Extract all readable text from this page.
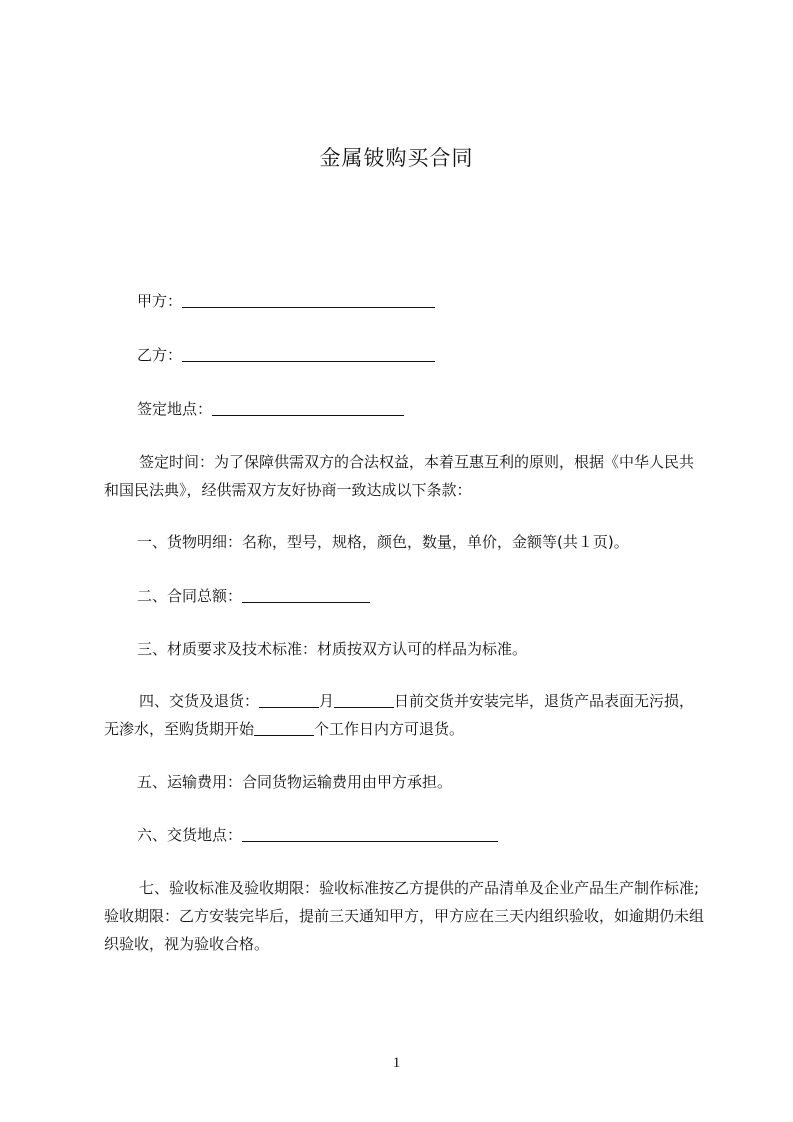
金属铍购买合同
甲方：
乙方：
签定地点：
签定时间：为了保障供需双方的合法权益，本着互惠互利的原则，根据《中华人民共和国民法典》，经供需双方友好协商一致达成以下条款：
一、货物明细：名称，型号，规格，颜色，数量，单价，金额等(共１页)。
二、合同总额：
三、材质要求及技术标准：材质按双方认可的样品为标准。
四、交货及退货：	月	日前交货并安装完毕，退货产品表面无污损，无渗水，至购货期开始	个工作日内方可退货。
五、运输费用：合同货物运输费用由甲方承担。
六、交货地点：
七、验收标准及验收期限：验收标准按乙方提供的产品清单及企业产品生产制作标准;验收期限：乙方安装完毕后，提前三天通知甲方，甲方应在三天内组织验收，如逾期仍未组织验收，视为验收合格。
1
